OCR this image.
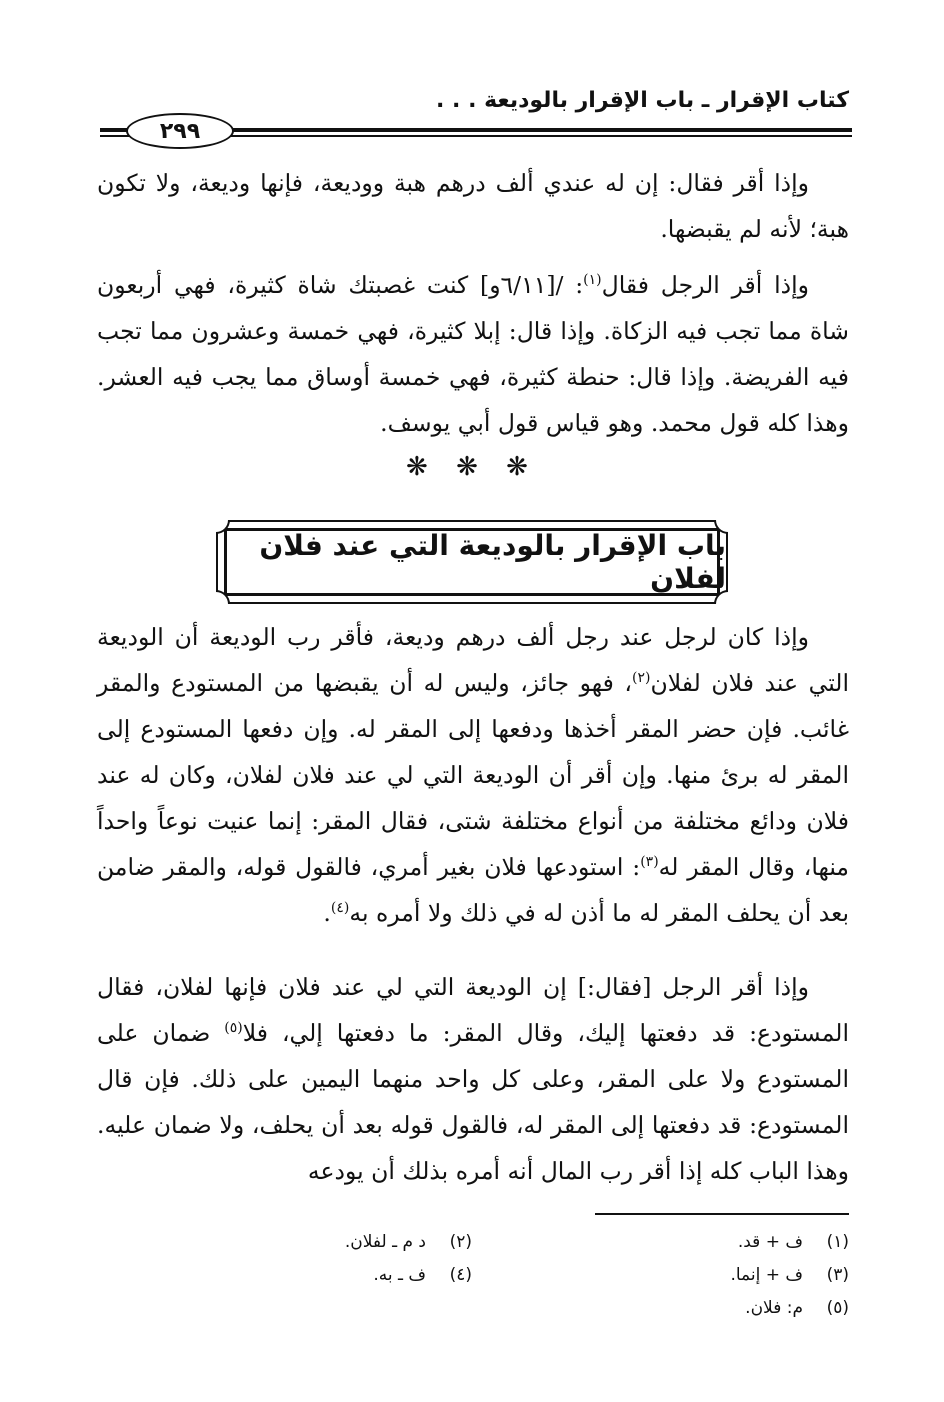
كتاب الإقرار ـ باب الإقرار بالوديعة . . .
٢٩٩

وإذا أقر فقال: إن له عندي ألف درهم هبة ووديعة، فإنها وديعة، ولا تكون هبة؛ لأنه لم يقبضها.

وإذا أقر الرجل فقال$^{(١)}$: /[٦/١١و] كنت غصبتك شاة كثيرة، فهي أربعون شاة مما تجب فيه الزكاة. وإذا قال: إبلا كثيرة، فهي خمسة وعشرون مما تجب فيه الفريضة. وإذا قال: حنطة كثيرة، فهي خمسة أوساق مما يجب فيه العشر. وهذا كله قول محمد. وهو قياس قول أبي يوسف.

❋ ❋ ❋
باب الإقرار بالوديعة التي عند فلان لفلان

وإذا كان لرجل عند رجل ألف درهم وديعة، فأقر رب الوديعة أن الوديعة التي عند فلان لفلان$^{(٢)}$، فهو جائز، وليس له أن يقبضها من المستودع والمقر غائب. فإن حضر المقر أخذها ودفعها إلى المقر له. وإن دفعها المستودع إلى المقر له برئ منها. وإن أقر أن الوديعة التي لي عند فلان لفلان، وكان له عند فلان ودائع مختلفة من أنواع مختلفة شتى، فقال المقر: إنما عنيت نوعاً واحداً منها، وقال المقر له$^{(٣)}$: استودعها فلان بغير أمري، فالقول قوله، والمقر ضامن بعد أن يحلف المقر له ما أذن له في ذلك ولا أمره به$^{(٤)}$.

وإذا أقر الرجل [فقال:] إن الوديعة التي لي عند فلان فإنها لفلان، فقال المستودع: قد دفعتها إليك، وقال المقر: ما دفعتها إلي، فلا$^{(٥)}$ ضمان على المستودع ولا على المقر، وعلى كل واحد منهما اليمين على ذلك. فإن قال المستودع: قد دفعتها إلى المقر له، فالقول قوله بعد أن يحلف، ولا ضمان عليه. وهذا الباب كله إذا أقر رب المال أنه أمره بذلك أن يودعه

(١)ف + قد.
(٢)د م ـ لفلان.
(٣)ف + إنما.
(٤)ف ـ به.
(٥)م: فلان.
